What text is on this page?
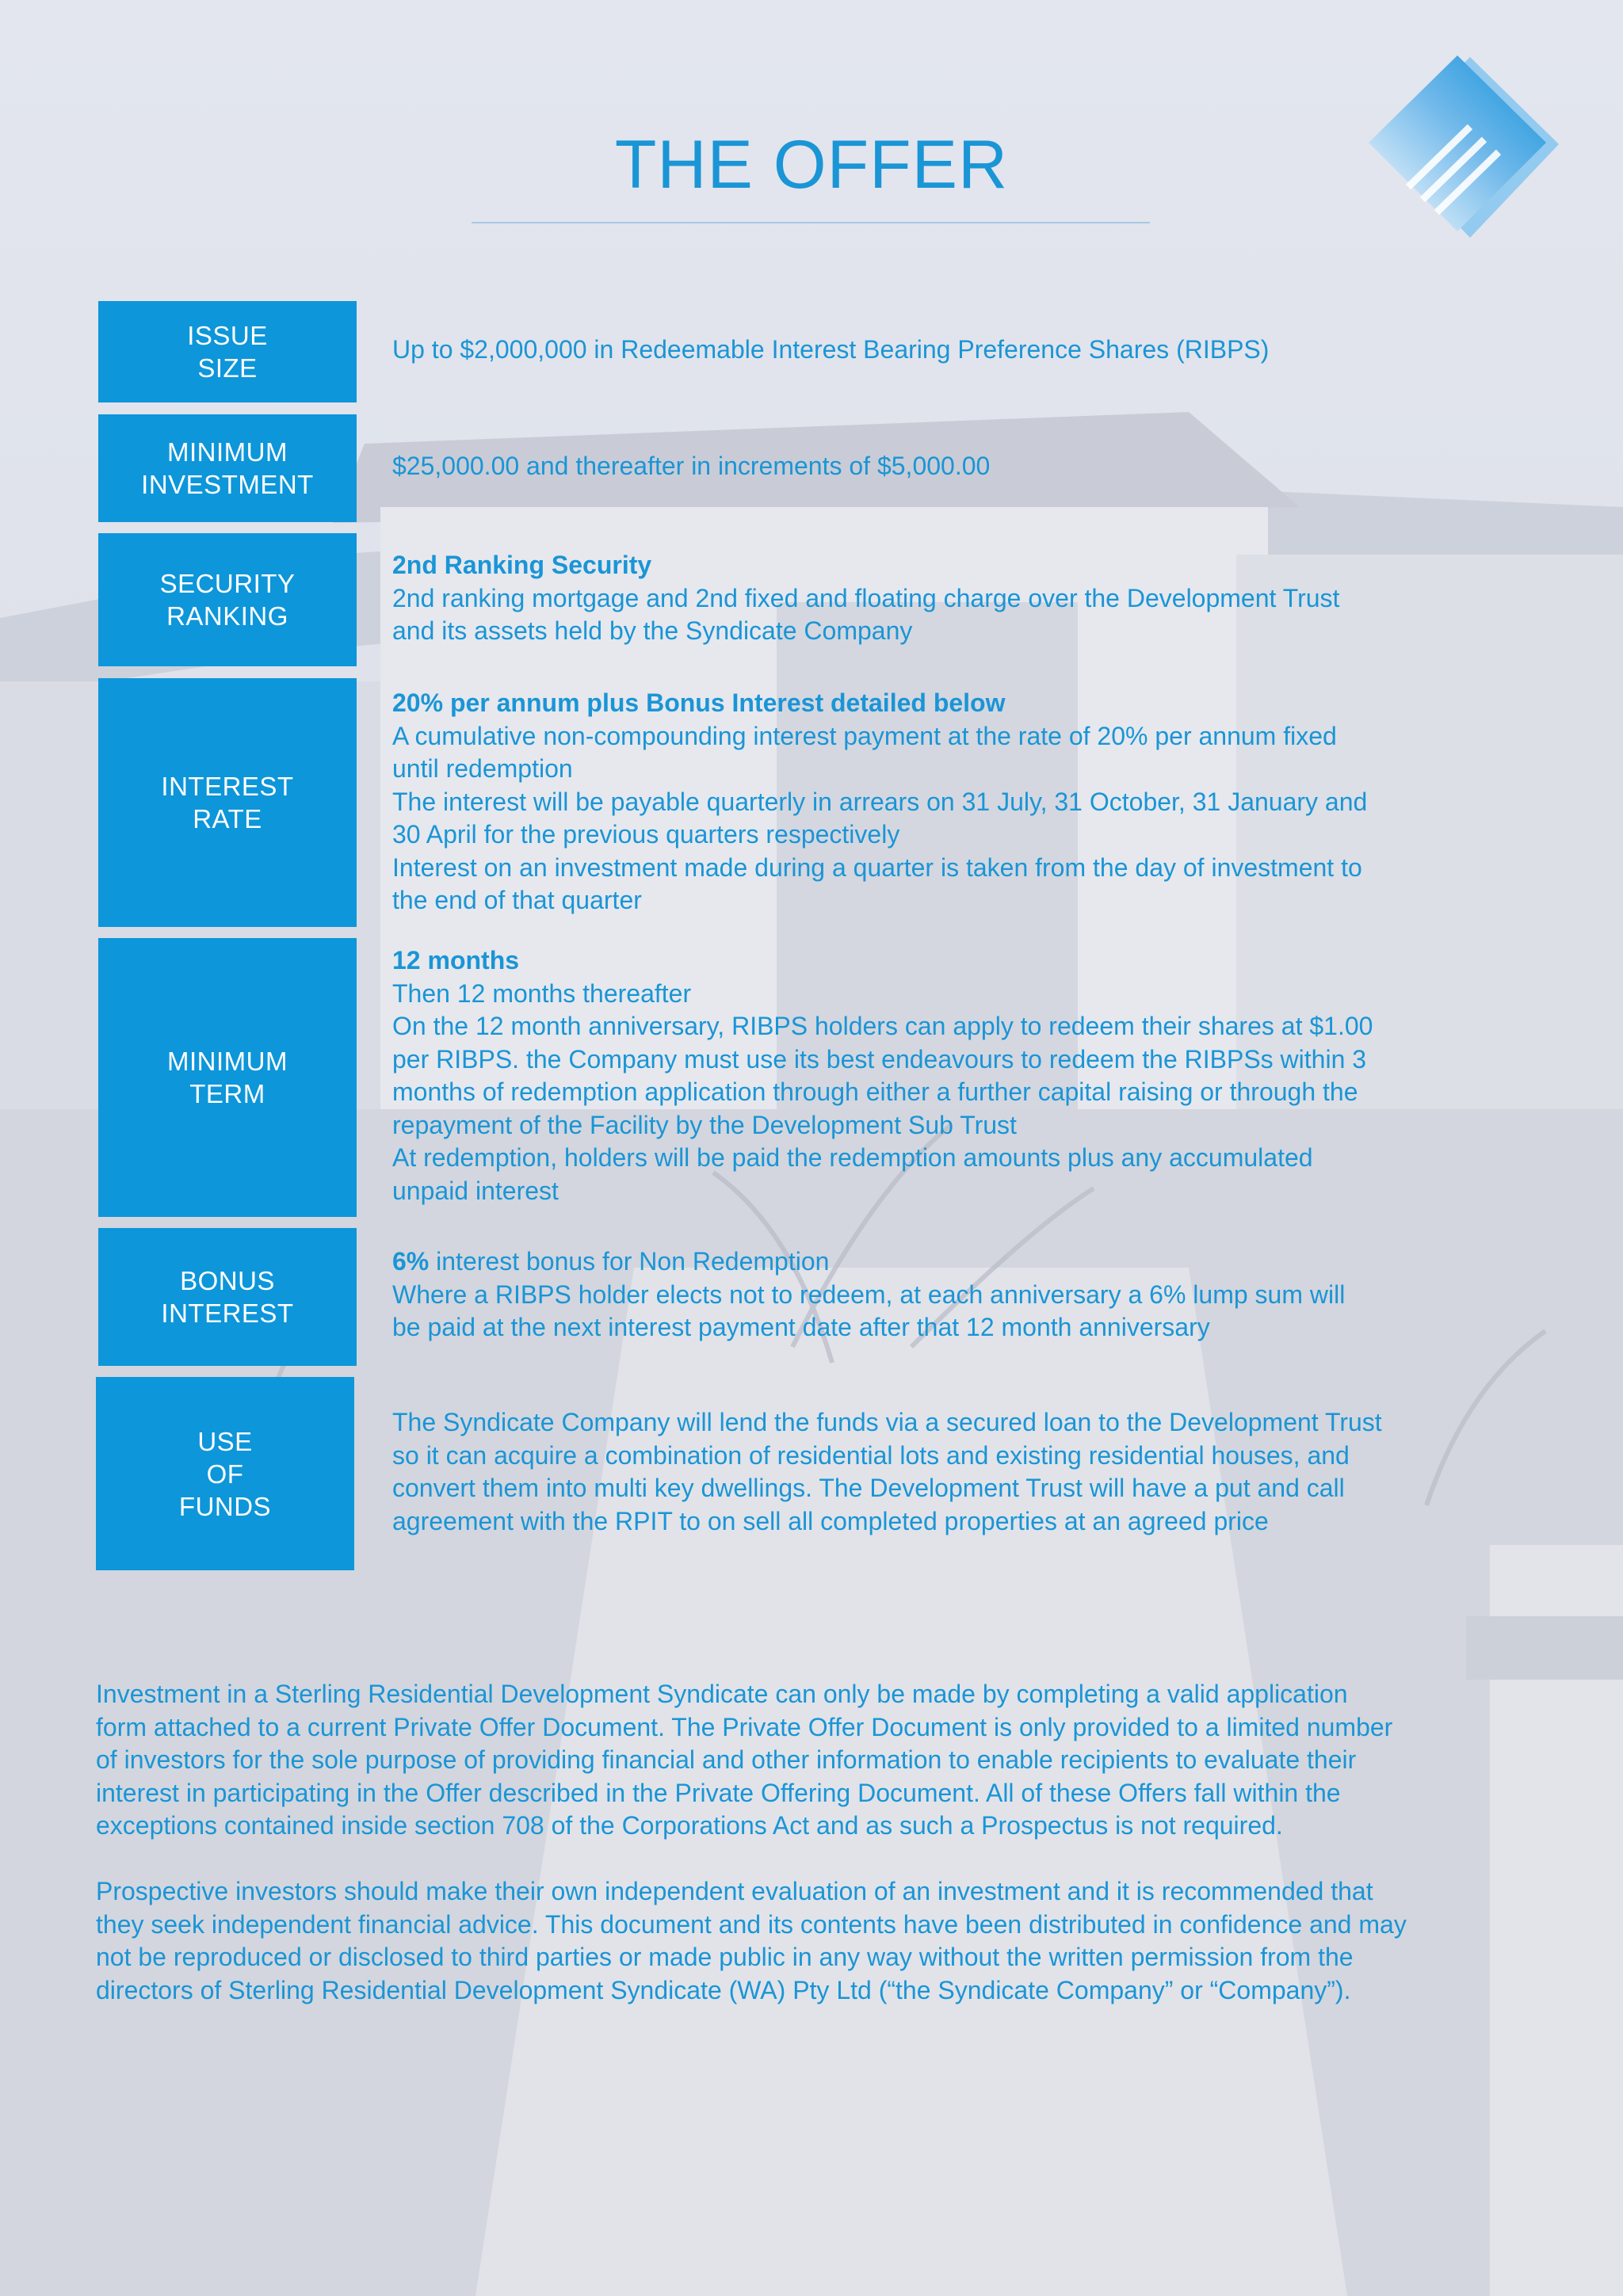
THE OFFER
ISSUE
SIZE
Up to $2,000,000 in Redeemable Interest Bearing Preference Shares (RIBPS)
MINIMUM
INVESTMENT
$25,000.00 and thereafter in increments of $5,000.00
SECURITY
RANKING
2nd Ranking Security
2nd ranking mortgage and 2nd fixed and floating charge over the Development Trust
and its assets held by the Syndicate Company
INTEREST
RATE
20% per annum plus Bonus Interest detailed below
A cumulative non-compounding interest payment at the rate of 20% per annum fixed
until redemption
The interest will be payable quarterly in arrears on 31 July, 31 October, 31 January and
30 April for the previous quarters respectively
Interest on an investment made during a quarter is taken from the day of investment to
the end of that quarter
MINIMUM
TERM
12 months
Then 12 months thereafter
On the 12 month anniversary, RIBPS holders can apply to redeem their shares at $1.00
per RIBPS. the Company must use its best endeavours to redeem the RIBPSs within 3
months of redemption application through either a further capital raising or through the
repayment of the Facility by the Development Sub Trust
At redemption, holders will be paid the redemption amounts plus any accumulated
unpaid interest
BONUS
INTEREST
6% interest bonus for Non Redemption
Where a RIBPS holder elects not to redeem, at each anniversary a 6% lump sum will
be paid at the next interest payment date after that 12 month anniversary
USE
OF
FUNDS
The Syndicate Company will lend the funds via a secured loan to the Development Trust
so it can acquire a combination of residential lots and existing residential houses, and
convert them into multi key dwellings. The Development Trust will have a put and call
agreement with the RPIT to on sell all completed properties at an agreed price
Investment in a Sterling Residential Development Syndicate can only be made by completing a valid application
form attached to a current Private Offer Document. The Private Offer Document is only provided to a limited number
of investors for the sole purpose of providing financial and other information to enable recipients to evaluate their
interest in participating in the Offer described in the Private Offering Document. All of these Offers fall within the
exceptions contained inside section 708 of the Corporations Act and as such a Prospectus is not required.
Prospective investors should make their own independent evaluation of an investment and it is recommended that
they seek independent financial advice. This document and its contents have been distributed in confidence and may
not be reproduced or disclosed to third parties or made public in any way without the written permission from the
directors of Sterling Residential Development Syndicate (WA) Pty Ltd (“the Syndicate Company” or “Company”).
